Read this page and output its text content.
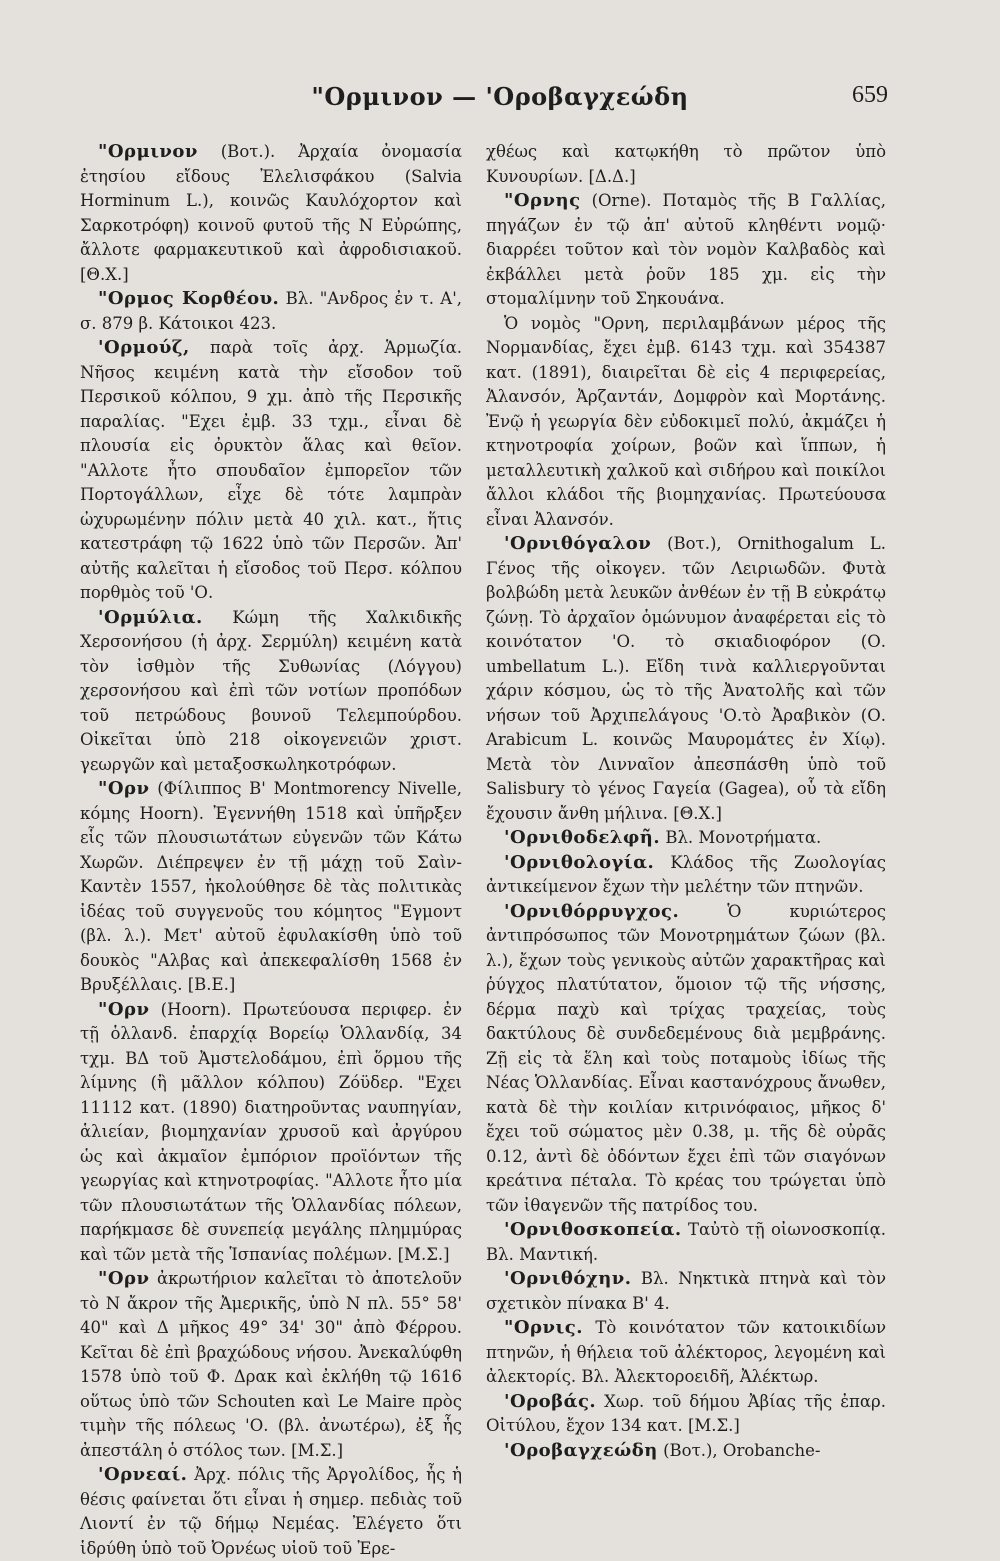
"Ορμινον — 'Οροβαγχεώδη	659

"Ορμινον (Βοτ.). Ἀρχαία ὀνομασία ἐτησίου εἴδους Ἐλελισφάκου (Salvia Horminum L.), κοινῶς Καυλόχορτον καὶ Σαρκοτρόφη) κοινοῦ φυτοῦ τῆς Ν Εὐρώπης, ἄλλοτε φαρμακευτικοῦ καὶ ἀφροδισιακοῦ. [Θ.Χ.]

"Ορμος Κορθέου. Βλ. "Ανδρος ἐν τ. Α', σ. 879 β. Κάτοικοι 423.

'Ορμούζ, παρὰ τοῖς ἀρχ. Ἁρμωζία. Νῆσος κειμένη κατὰ τὴν εἴσοδον τοῦ Περσικοῦ κόλπου, 9 χμ. ἀπὸ τῆς Περσικῆς παραλίας. "Εχει ἐμβ. 33 τχμ., εἶναι δὲ πλουσία εἰς ὀρυκτὸν ἅλας καὶ θεῖον. "Αλλοτε ἦτο σπουδαῖον ἐμπορεῖον τῶν Πορτογάλλων, εἶχε δὲ τότε λαμπρὰν ὠχυρωμένην πόλιν μετὰ 40 χιλ. κατ., ἥτις κατεστράφη τῷ 1622 ὑπὸ τῶν Περσῶν. Ἀπ' αὐτῆς καλεῖται ἡ εἴσοδος τοῦ Περσ. κόλπου πορθμὸς τοῦ 'Ο.

'Ορμύλια. Κώμη τῆς Χαλκιδικῆς Χερσονήσου (ἡ ἀρχ. Σερμύλη) κειμένη κατὰ τὸν ἰσθμὸν τῆς Συθωνίας (Λόγγου) χερσονήσου καὶ ἐπὶ τῶν νοτίων προπόδων τοῦ πετρώδους βουνοῦ Τελεμπούρδου. Οἰκεῖται ὑπὸ 218 οἰκογενειῶν χριστ. γεωργῶν καὶ μεταξοσκωληκοτρόφων.

"Ορν (Φίλιππος Β' Montmorency Nivelle, κόμης Hoorn). Ἐγεννήθη 1518 καὶ ὑπῆρξεν εἷς τῶν πλουσιωτάτων εὐγενῶν τῶν Κάτω Χωρῶν. Διέπρεψεν ἐν τῇ μάχῃ τοῦ Σαὶν-Καντὲν 1557, ἠκολούθησε δὲ τὰς πολιτικὰς ἰδέας τοῦ συγγενοῦς του κόμητος "Εγμοντ (βλ. λ.). Μετ' αὐτοῦ ἐφυλακίσθη ὑπὸ τοῦ δουκὸς "Αλβας καὶ ἀπεκεφαλίσθη 1568 ἐν Βρυξέλλαις. [Β.Ε.]

"Ορν (Hoorn). Πρωτεύουσα περιφερ. ἐν τῇ ὁλλανδ. ἐπαρχίᾳ Βορείῳ Ὁλλανδίᾳ, 34 τχμ. ΒΔ τοῦ Ἀμστελοδάμου, ἐπὶ ὅρμου τῆς λίμνης (ἢ μᾶλλον κόλπου) Ζόϋδερ. "Εχει 11112 κατ. (1890) διατηροῦντας ναυπηγίαν, ἁλιείαν, βιομηχανίαν χρυσοῦ καὶ ἀργύρου ὡς καὶ ἀκμαῖον ἐμπόριον προϊόντων τῆς γεωργίας καὶ κτηνοτροφίας. "Αλλοτε ἦτο μία τῶν πλουσιωτάτων τῆς Ὁλλανδίας πόλεων, παρήκμασε δὲ συνεπείᾳ μεγάλης πλημμύρας καὶ τῶν μετὰ τῆς Ἱσπανίας πολέμων. [Μ.Σ.]

"Ορν ἀκρωτήριον καλεῖται τὸ ἀποτελοῦν τὸ Ν ἄκρον τῆς Ἀμερικῆς, ὑπὸ Ν πλ. 55° 58' 40" καὶ Δ μῆκος 49° 34' 30" ἀπὸ Φέρρου. Κεῖται δὲ ἐπὶ βραχώδους νήσου. Ἀνεκαλύφθη 1578 ὑπὸ τοῦ Φ. Δρακ καὶ ἐκλήθη τῷ 1616 οὕτως ὑπὸ τῶν Schouten καὶ Le Maire πρὸς τιμὴν τῆς πόλεως 'Ο. (βλ. ἀνωτέρω), ἐξ ἧς ἀπεστάλη ὁ στόλος των. [Μ.Σ.]

'Ορνεαί. Ἀρχ. πόλις τῆς Ἀργολίδος, ἧς ἡ θέσις φαίνεται ὅτι εἶναι ἡ σημερ. πεδιὰς τοῦ Λιοντί ἐν τῷ δήμῳ Νεμέας. Ἐλέγετο ὅτι ἱδρύθη ὑπὸ τοῦ Ὀρνέως υἱοῦ τοῦ Ἐρε-

χθέως καὶ κατῳκήθη τὸ πρῶτον ὑπὸ Κυνουρίων. [Δ.Δ.]

"Ορνης (Orne). Ποταμὸς τῆς Β Γαλλίας, πηγάζων ἐν τῷ ἀπ' αὐτοῦ κληθέντι νομῷ· διαρρέει τοῦτον καὶ τὸν νομὸν Καλβαδὸς καὶ ἐκβάλλει μετὰ ῥοῦν 185 χμ. εἰς τὴν στομαλίμνην τοῦ Σηκουάνα.

Ὁ νομὸς "Ορνη, περιλαμβάνων μέρος τῆς Νορμανδίας, ἔχει ἐμβ. 6143 τχμ. καὶ 354387 κατ. (1891), διαιρεῖται δὲ εἰς 4 περιφερείας, Ἀλανσόν, Ἀρζαντάν, Δομφρὸν καὶ Μορτάνης. Ἐνῷ ἡ γεωργία δὲν εὐδοκιμεῖ πολύ, ἀκμάζει ἡ κτηνοτροφία χοίρων, βοῶν καὶ ἵππων, ἡ μεταλλευτικὴ χαλκοῦ καὶ σιδήρου καὶ ποικίλοι ἄλλοι κλάδοι τῆς βιομηχανίας. Πρωτεύουσα εἶναι Ἀλανσόν.

'Ορνιθόγαλον (Βοτ.), Ornithogalum L. Γένος τῆς οἰκογεν. τῶν Λειριωδῶν. Φυτὰ βολβώδη μετὰ λευκῶν ἀνθέων ἐν τῇ Β εὐκράτῳ ζώνῃ. Τὸ ἀρχαῖον ὁμώνυμον ἀναφέρεται εἰς τὸ κοινότατον 'Ο. τὸ σκιαδιοφόρον (Ο. umbellatum L.). Εἴδη τινὰ καλλιεργοῦνται χάριν κόσμου, ὡς τὸ τῆς Ἀνατολῆς καὶ τῶν νήσων τοῦ Ἀρχιπελάγους 'Ο.τὸ Ἀραβικὸν (Ο. Arabicum L. κοινῶς Μαυρομάτες ἐν Χίῳ). Μετὰ τὸν Λινναῖον ἀπεσπάσθη ὑπὸ τοῦ Salisbury τὸ γένος Γαγεία (Gagea), οὗ τὰ εἴδη ἔχουσιν ἄνθη μήλινα. [Θ.Χ.]

'Ορνιθοδελφῆ. Βλ. Μονοτρήματα.

'Ορνιθολογία. Κλάδος τῆς Ζωολογίας ἀντικείμενον ἔχων τὴν μελέτην τῶν πτηνῶν.

'Ορνιθόρρυγχος. Ὁ κυριώτερος ἀντιπρόσωπος τῶν Μονοτρημάτων ζώων (βλ. λ.), ἔχων τοὺς γενικοὺς αὐτῶν χαρακτῆρας καὶ ῥύγχος πλατύτατον, ὅμοιον τῷ τῆς νήσσης, δέρμα παχὺ καὶ τρίχας τραχείας, τοὺς δακτύλους δὲ συνδεδεμένους διὰ μεμβράνης. Ζῇ εἰς τὰ ἕλη καὶ τοὺς ποταμοὺς ἰδίως τῆς Νέας Ὁλλανδίας. Εἶναι καστανόχρους ἄνωθεν, κατὰ δὲ τὴν κοιλίαν κιτρινόφαιος, μῆκος δ' ἔχει τοῦ σώματος μὲν 0.38, μ. τῆς δὲ οὐρᾶς 0.12, ἀντὶ δὲ ὀδόντων ἔχει ἐπὶ τῶν σιαγόνων κρεάτινα πέταλα. Τὸ κρέας του τρώγεται ὑπὸ τῶν ἰθαγενῶν τῆς πατρίδος του.

'Ορνιθοσκοπεία. Ταὐτὸ τῇ οἰωνοσκοπίᾳ. Βλ. Μαντική.

'Ορνιθόχην. Βλ. Νηκτικὰ πτηνὰ καὶ τὸν σχετικὸν πίνακα Β' 4.

"Ορνις. Τὸ κοινότατον τῶν κατοικιδίων πτηνῶν, ἡ θήλεια τοῦ ἀλέκτορος, λεγομένη καὶ ἀλεκτορίς. Βλ. Ἀλεκτοροειδῆ, Ἀλέκτωρ.

'Οροβάς. Χωρ. τοῦ δήμου Ἀβίας τῆς ἐπαρ. Οἰτύλου, ἔχον 134 κατ. [Μ.Σ.]

'Οροβαγχεώδη (Βοτ.), Orobanche-
